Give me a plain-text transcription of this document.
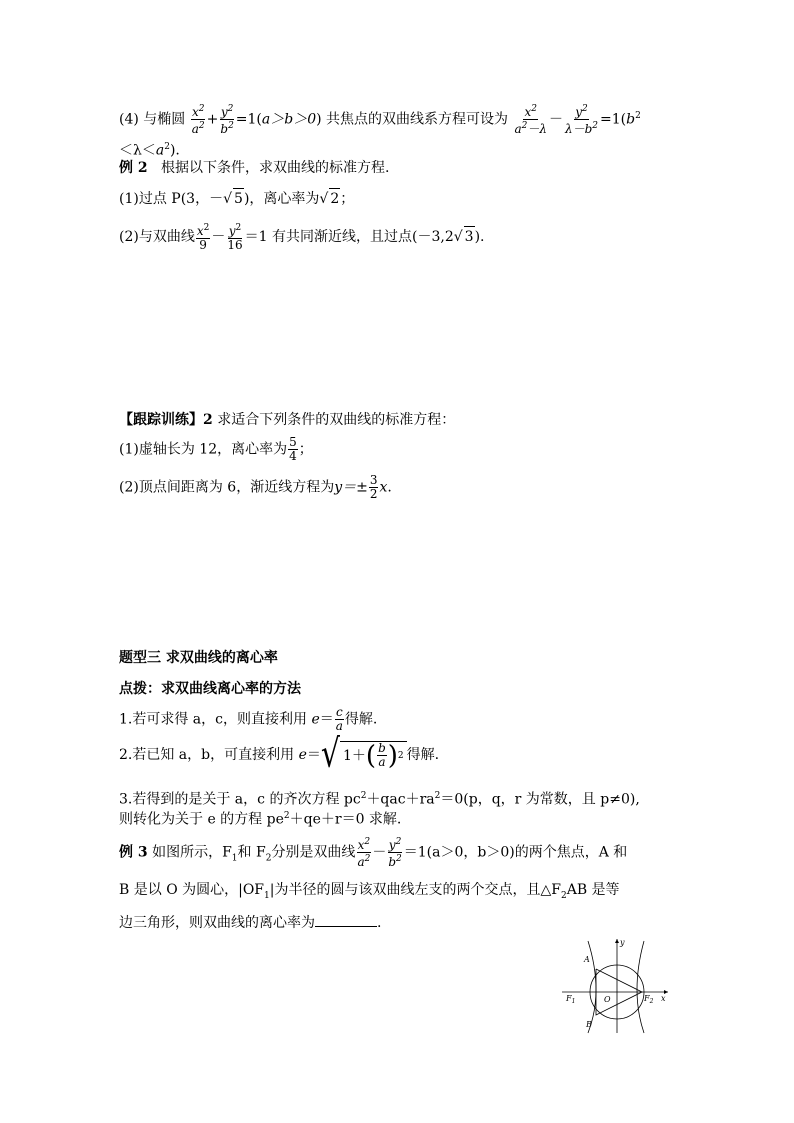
(4) 与椭圆 $\frac{x^2}{a^2} + \frac{y^2}{b^2} =1(a>b>0)$ 共焦点的双曲线系方程可设为 $\frac{x^2}{a^2-\lambda} - \frac{y^2}{\lambda-b^2} =1(b^2$
$<\lambda<a^2$).
例 2 根据以下条件，求双曲线的标准方程.
(1)过点 P(3，－√ 5)，离心率为√ 2；
(2)与双曲线 $\frac{x^2}{9} - \frac{y^2}{16} =1$ 有共同渐近线，且过点(－3,2√ 3).
【跟踪训练】2 求适合下列条件的双曲线的标准方程：
(1)虚轴长为 12，离心率为 $\frac{5}{4}$ ；
(2)顶点间距离为 6，渐近线方程为$y=\pm \frac{3}{2} x$.
题型三 求双曲线的离心率
点拨：求双曲线离心率的方法
1.若可求得 a，c，则直接利用 $e= \frac{c}{a}$ 得解.
2.若已知 a，b，可直接利用 e＝ √ 1＋ ( $\frac{b}{a}$ ) 2 得解.
3.若得到的是关于 a，c 的齐次方程 $pc^2+qac+ra^2=0(p$，q，r 为常数，且 p≠0),
则转化为关于 e 的方程 $pe^2+qe+r=0$ 求解.
例 3 如图所示，$F_1$和 $F_2$分别是双曲线 $\frac{x^2}{a^2} - \frac{y^2}{b^2} =1(a>0$，b＞0)的两个焦点，A 和
B 是以 O 为圆心，$|OF_1|$为半径的圆与该双曲线左支的两个交点，且$\triangle F_2AB$ 是等
边三角形，则双曲线的离心率为	.
y
A
B
O
$F_1$	$F_2$ x
